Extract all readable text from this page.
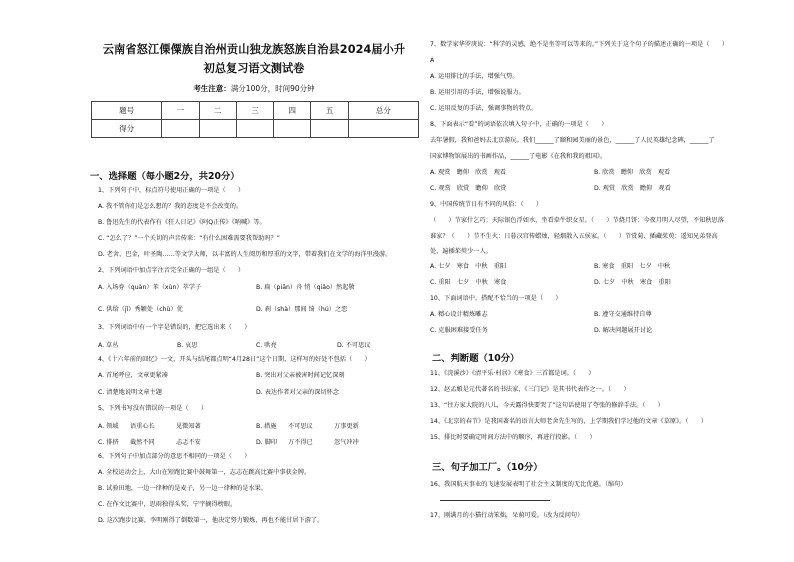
云南省怒江傈僳族自治州贡山独龙族怒族自治县2024届小升
初总复习语文测试卷
考生注意：满分100分，时间90分钟
题号	一	二	三	四	五	总分
得分						
一、选择题（每小题2分，共20分）
1、下列句子中，标点符号使用正确的一项是（　　）
A. 我不管你们是怎么想的？我的态度是不会改变的。
B. 鲁迅先生的代表作有《狂人日记》《阿Q正传》《呐喊》等。
C. “怎么了？”一个关切的声音传来：“有什么困难需要我帮助吗？”
D. 老舍，巴金，叶圣陶……等文学大师，以丰富的人生阅历和厚重的文字，带着我们在文学的海洋里漫游。
2、下列词语中加点字注音完全正确的一组是（　　）
A. 入场券（quàn）苯（xùn）萃学子	B. 扁（piān）舟 悄（qiǎo）然起敬
C. 供给（jǐ）秀颖处（chù）优	D. 刹（shà）那间 绮（hú）之恋
3、下列词语中有一个字是错误的，把它选出来（　　）
A. 草丛	B. 哀思	C. 哄亮	D. 不可思议
4、《十六年前的回忆》一文，开头与结尾都点明“4月28日”这个日期，这样写的好处不包括（　　）
A. 首尾呼应，文章更紧凑	B. 突出对父亲被害时间记忆深刻
C. 清楚地说明文章主题	D. 表达作者对父亲的深切怀念
5、下列书写没有错误的一项是（　　）
A. 领域 语重心长	见微知著	B. 措施 不可思议	万事更新
C. 排挤 截然不同	忐忑不安	D. 脚印 万不得已	忽气冲冲
6、下列句子中加点部分的意思不相同的一项是（　　）
A. 全校运动会上，大山在短跑比赛中鼓舞第一，志志在跳高比赛中事获金牌。
B. 试验田地，一边一律种的是麦子，另一边一律种的是水果。
C. 在作文比赛中，思雨独得头奖，宁宇摘得榜眼。
D. 这次跑步比赛，李明刚得了倒数第一，他决定努力锻炼，再也不能甘居下游了。
7、数学家华罗庚说：“科学的灵感，绝不是坐等可以等来的。”下列关于这个句子的描述正确的一项是（　　）
A
A. 运用排比的手法，增强气势。
B. 运用引用的手法，增强说服力。
C. 运用反复的手法，强调事物的特点。
8、下面表示“看”的词语依次填入句子中，正确的一项是（　　）
去年暑假，我和爸妈去北京游玩。我们______了颐和园美丽的景色，______了人民英雄纪念碑，______了
国家博物馆展出的书画作品，______了电影《在我和我的祖国》。
A. 观赏　瞻仰　欣赏　观看	B. 欣赏　瞻仰　欣赏　观看
C. 观赏　欣赏　瞻仰　欣赏	D. 观赏　欣赏　瞻仰　观看
9、中国传统节日有不同的风俗：（　　）
（　　）节家什乞巧：天际银色浮如水，坐看牵牛织女星。（　　）节烧月饼：今夜月明人尽望，不知秋思落
谁家？（　　）节不生火：日暮汉宫传蜡烛，轻烟散入五侯家。（　　）节赏菊、插藏茱萸：遥知兄弟登高
处，遍插茱萸少一人。
A. 七夕　寒食　中秋　重阳	B. 寒食　重阳　七夕　中秋
C. 重阳　七夕　中秋　寒食	D. 七夕　中秋　寒食　重阳
10、下面词语中，搭配不恰当的一项是（　　）
A. 精心设计精炼雕志	B. 遵守交通维持自尊
C. 克服困难接受任务	D. 解决问题展开讨论
二、判断题（10分）
11、《浣溪沙》《清平乐·村居》《寒食》三首都是词。（　　）
12、赵孟頫是元代著名的书法家，《三门记》是其书代表作之一。（　　）
13、“往方家大院的八儿，今天露得快要哭了”这句话使用了夸张的修辞手法。（　　）
14、《北京的春节》是我国著名的语言大师老舍先生写的，上学期我们学过他的文章《草原》。（　　）
15、排比时要确定时间方法中的顺序，再进行投影。（　　）
三、句子加工厂。（10分）
16、我国航天事业的飞速发展表明了社会主义制度的无比优越。（缩句）
17、刚满月的小猫行动笨拙，呆萌可爱。（改为反问句）
